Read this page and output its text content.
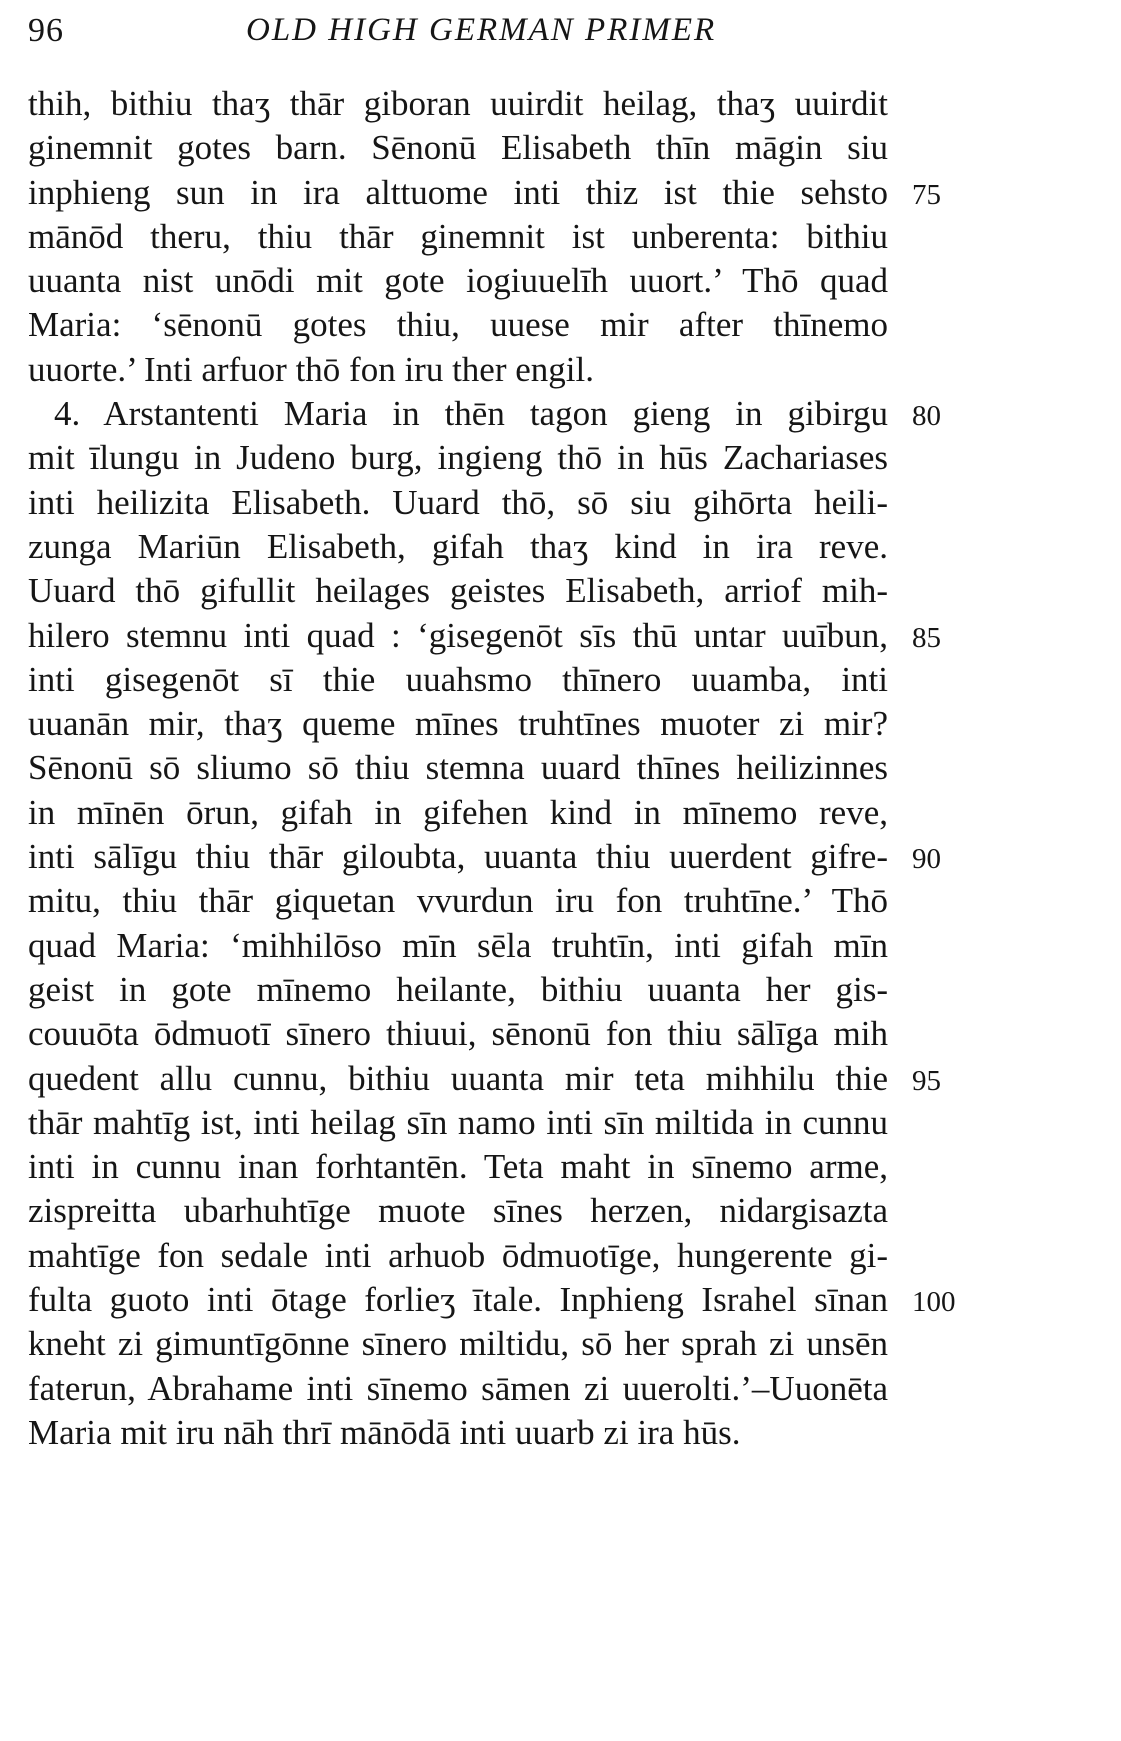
96	OLD HIGH GERMAN PRIMER
thih, bithiu thaʒ thār giboran uuirdit heilag, thaʒ uuirdit
ginemnit gotes barn. Sēnonū Elisabeth thīn māgin siu
inphieng sun in ira alttuome inti thiz ist thie sehsto 75
mānōd theru, thiu thār ginemnit ist unberenta: bithiu
uuanta nist unōdi mit gote iogiuuelīh uuort.’ Thō quad
Maria: ‘sēnonū gotes thiu, uuese mir after thīnemo
uuorte.’ Inti arfuor thō fon iru ther engil.
4. Arstantenti Maria in thēn tagon gieng in gibirgu 80
mit īlungu in Judeno burg, ingieng thō in hūs Zachariases
inti heilizita Elisabeth. Uuard thō, sō siu gihōrta heili-
zunga Mariūn Elisabeth, gifah thaʒ kind in ira reve.
Uuard thō gifullit heilages geistes Elisabeth, arriof mih-
hilero stemnu inti quad : ‘gisegenōt sīs thū untar uuībun, 85
inti gisegenōt sī thie uuahsmo thīnero uuamba, inti
uuanān mir, thaʒ queme mīnes truhtīnes muoter zi mir?
Sēnonū sō sliumo sō thiu stemna uuard thīnes heilizinnes
in mīnēn ōrun, gifah in gifehen kind in mīnemo reve,
inti sālīgu thiu thār giloubta, uuanta thiu uuerdent gifre- 90
mitu, thiu thār giquetan vvurdun iru fon truhtīne.’ Thō
quad Maria: ‘mihhilōso mīn sēla truhtīn, inti gifah mīn
geist in gote mīnemo heilante, bithiu uuanta her gis-
couuōta ōdmuotī sīnero thiuui, sēnonū fon thiu sālīga mih
quedent allu cunnu, bithiu uuanta mir teta mihhilu thie 95
thār mahtīg ist, inti heilag sīn namo inti sīn miltida in cunnu
inti in cunnu inan forhtantēn. Teta maht in sīnemo arme,
zispreitta ubarhuhtīge muote sīnes herzen, nidargisazta
mahtīge fon sedale inti arhuob ōdmuotīge, hungerente gi-
fulta guoto inti ōtage forlieʒ ītale. Inphieng Israhel sīnan 100
kneht zi gimuntīgōnne sīnero miltidu, sō her sprah zi unsēn
faterun, Abrahame inti sīnemo sāmen zi uuerolti.’–Uuonēta
Maria mit iru nāh thrī mānōdā inti uuarb zi ira hūs.
